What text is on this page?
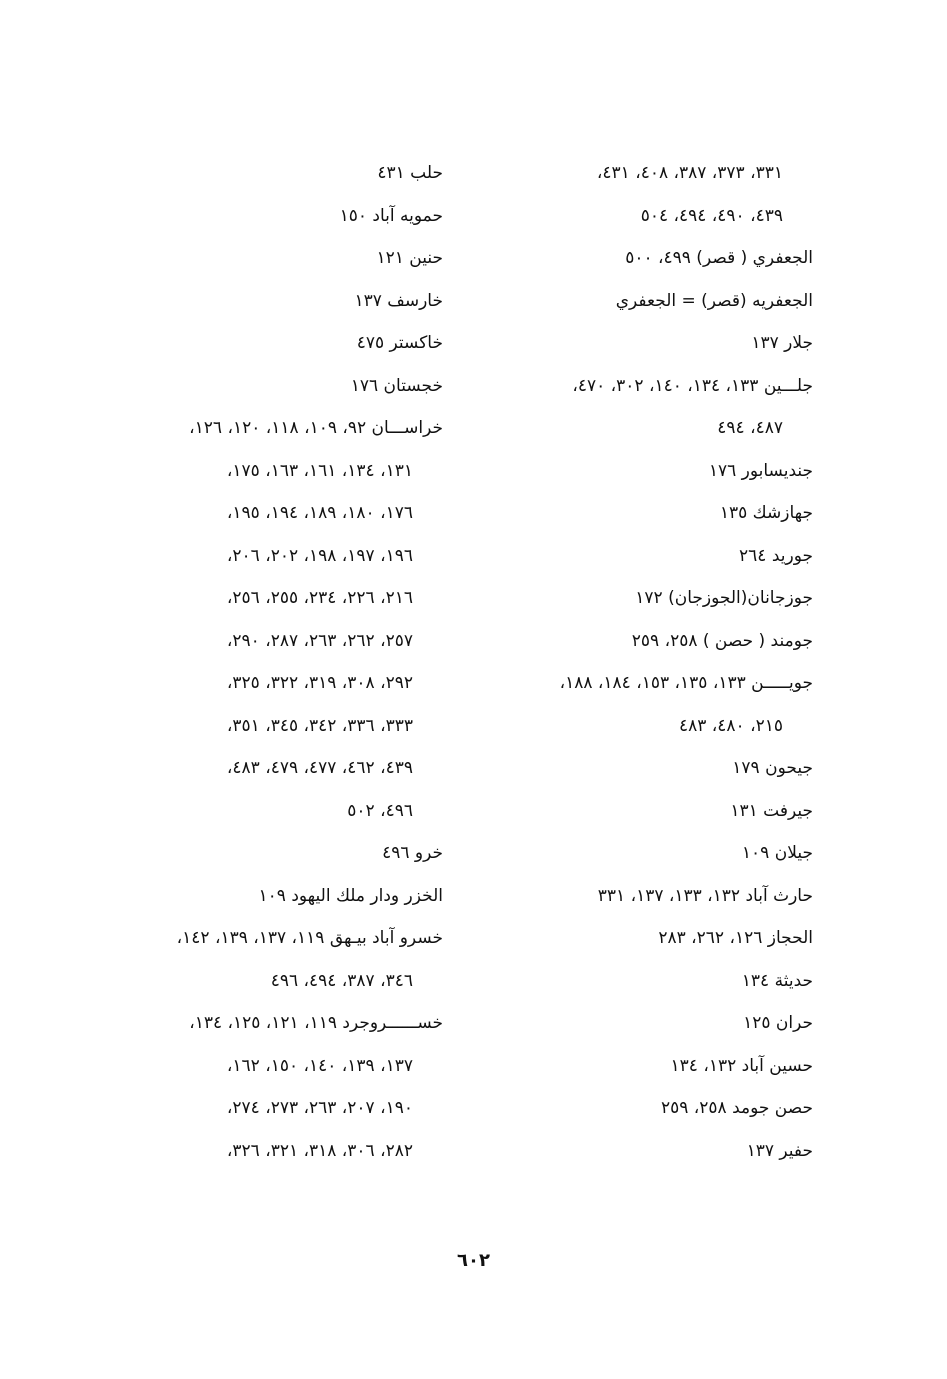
٣٣١، ٣٧٣، ٣٨٧، ٤٠٨، ٤٣١،
٤٣٩، ٤٩٠، ٤٩٤، ٥٠٤
الجعفري ( قصر) ٤٩٩، ٥٠٠
الجعفريه (قصر) = الجعفري
جلار ١٣٧
جلـــين ١٣٣، ١٣٤، ١٤٠، ٣٠٢، ٤٧٠،
٤٨٧، ٤٩٤
جنديسابور ١٧٦
جهازشك ١٣٥
جوريد ٢٦٤
جوزجانان(الجوزجان) ١٧٢
جومند ( حصن ) ٢٥٨، ٢٥٩
جويـــــن ١٣٣، ١٣٥، ١٥٣، ١٨٤، ١٨٨،
٢١٥، ٤٨٠، ٤٨٣
جيحون ١٧٩
جيرفت ١٣١
جيلان ١٠٩
حارث آباد ١٣٢، ١٣٣، ١٣٧، ٣٣١
الحجاز ١٢٦، ٢٦٢، ٢٨٣
حديثة ١٣٤
حران ١٢٥
حسين آباد ١٣٢، ١٣٤
حصن جومد ٢٥٨، ٢٥٩
حفير ١٣٧
حلب ٤٣١
حمويه آباد ١٥٠
حنين ١٢١
خارسف ١٣٧
خاكستر ٤٧٥
خجستان ١٧٦
خراســـان ٩٢، ١٠٩، ١١٨، ١٢٠، ١٢٦،
١٣١، ١٣٤، ١٦١، ١٦٣، ١٧٥،
١٧٦، ١٨٠، ١٨٩، ١٩٤، ١٩٥،
١٩٦، ١٩٧، ١٩٨، ٢٠٢، ٢٠٦،
٢١٦، ٢٢٦، ٢٣٤، ٢٥٥، ٢٥٦،
٢٥٧، ٢٦٢، ٢٦٣، ٢٨٧، ٢٩٠،
٢٩٢، ٣٠٨، ٣١٩، ٣٢٢، ٣٢٥،
٣٣٣، ٣٣٦، ٣٤٢، ٣٤٥، ٣٥١،
٤٣٩، ٤٦٢، ٤٧٧، ٤٧٩، ٤٨٣،
٤٩٦، ٥٠٢
خرو ٤٩٦
الخزر ودار ملك اليهود ١٠٩
خسرو آباد بيـهق ١١٩، ١٣٧، ١٣٩، ١٤٢،
٣٤٦، ٣٨٧، ٤٩٤، ٤٩٦
خســــــروجرد ١١٩، ١٢١، ١٢٥، ١٣٤،
١٣٧، ١٣٩، ١٤٠، ١٥٠، ١٦٢،
١٩٠، ٢٠٧، ٢٦٣، ٢٧٣، ٢٧٤،
٢٨٢، ٣٠٦، ٣١٨، ٣٢١، ٣٢٦،
٦٠٢
